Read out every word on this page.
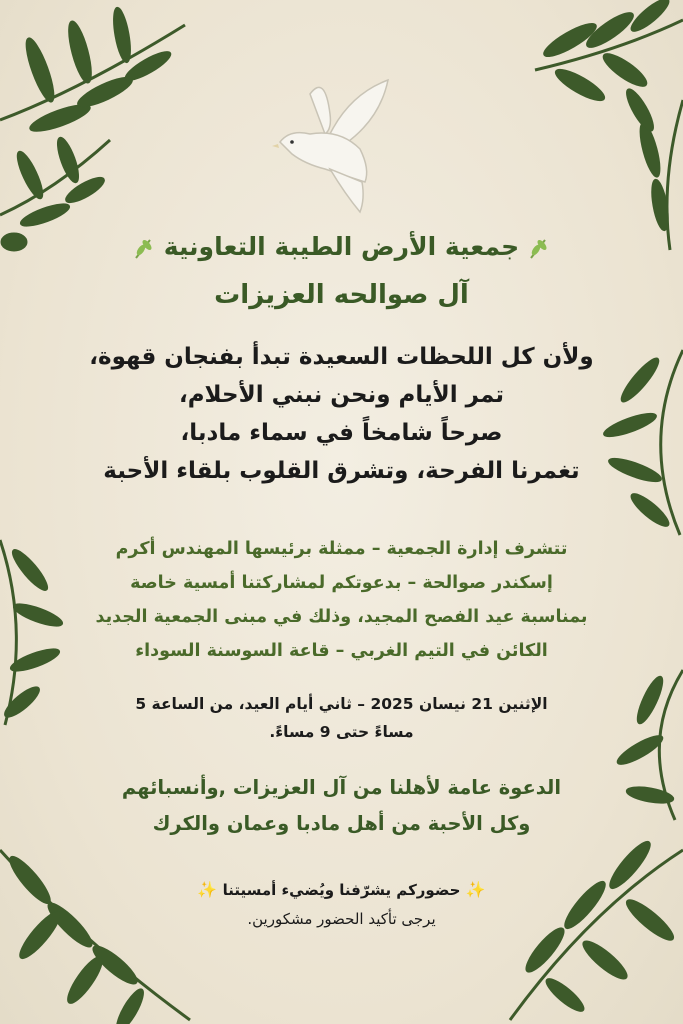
جمعية الأرض الطيبة التعاونية
آل صوالحه العزيزات
ولأن كل اللحظات السعيدة تبدأ بفنجان قهوة،
تمر الأيام ونحن نبني الأحلام،
صرحاً شامخاً في سماء مادبا،
تغمرنا الفرحة، وتشرق القلوب بلقاء الأحبة
تتشرف إدارة الجمعية – ممثلة برئيسها المهندس أكرم
إسكندر صوالحة – بدعوتكم لمشاركتنا أمسية خاصة
بمناسبة عيد الفصح المجيد، وذلك في مبنى الجمعية الجديد
الكائن في التيم الغربي – قاعة السوسنة السوداء
الإثنين 21 نيسان 2025 – ثاني أيام العيد، من الساعة 5
مساءً حتى 9 مساءً.
الدعوة عامة لأهلنا من آل العزيزات ,وأنسبائهم
وكل الأحبة من أهل مادبا وعمان والكرك
✨ حضوركم يشرّفنا ويُضيء أمسيتنا ✨
يرجى تأكيد الحضور مشكورين.
